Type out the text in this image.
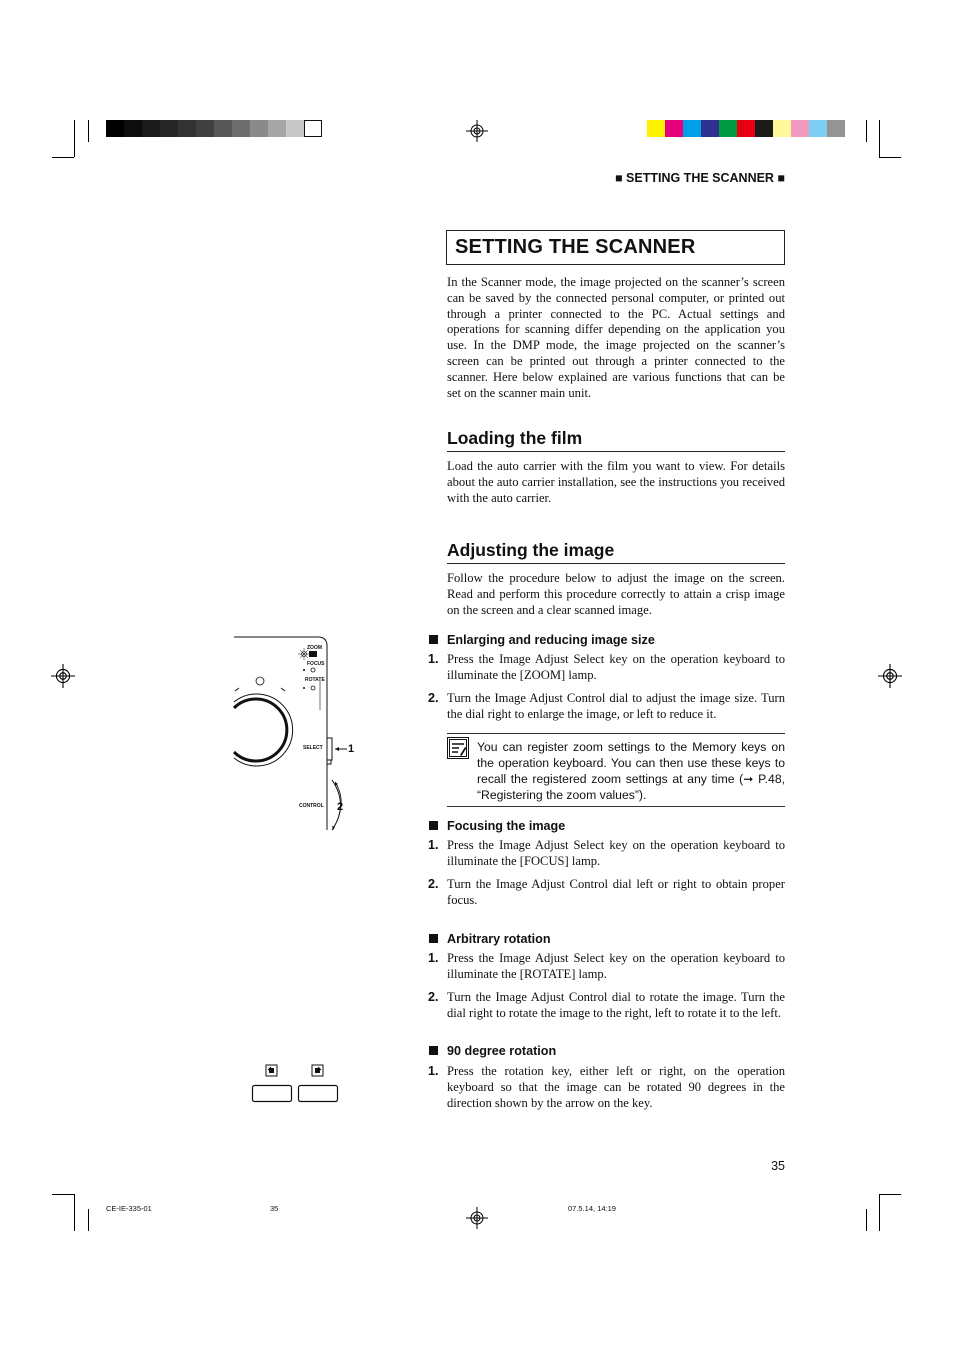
■ SETTING THE SCANNER ■
SETTING THE SCANNER
In the Scanner mode, the image projected on the scanner’s screen can be saved by the connected personal computer, or printed out through a printer connected to the PC. Actual settings and operations for scanning differ depending on the application you use. In the DMP mode, the image projected on the scanner’s screen can be printed out through a printer connected to the scanner. Here below explained are various functions that can be set on the scanner main unit.
Loading the film
Load the auto carrier with the film you want to view. For details about the auto carrier installation, see the instructions you received with the auto carrier.
Adjusting the image
Follow the procedure below to adjust the image on the screen. Read and perform this procedure correctly to attain a crisp image on the screen and a clear scanned image.
Enlarging and reducing image size
1. Press the Image Adjust Select key on the operation keyboard to illuminate the [ZOOM] lamp.
2. Turn the Image Adjust Control dial to adjust the image size. Turn the dial right to enlarge the image, or left to reduce it.
You can register zoom settings to the Memory keys on the operation keyboard. You can then use these keys to recall the registered zoom settings at any time (➞ P.48, “Registering the zoom values”).
Focusing the image
1. Press the Image Adjust Select key on the operation keyboard to illuminate the [FOCUS] lamp.
2. Turn the Image Adjust Control dial left or right to obtain proper focus.
Arbitrary rotation
1. Press the Image Adjust Select key on the operation keyboard to illuminate the [ROTATE] lamp.
2. Turn the Image Adjust Control dial to rotate the image. Turn the dial right to rotate the image to the right, left to rotate it to the left.
90 degree rotation
1. Press the rotation key, either left or right, on the operation keyboard so that the image can be rotated 90 degrees in the direction shown by the arrow on the key.
ZOOM
FOCUS
ROTATE
SELECT
CONTROL
1
2
35
CE-IE-335-01	35	07.5.14, 14:19
